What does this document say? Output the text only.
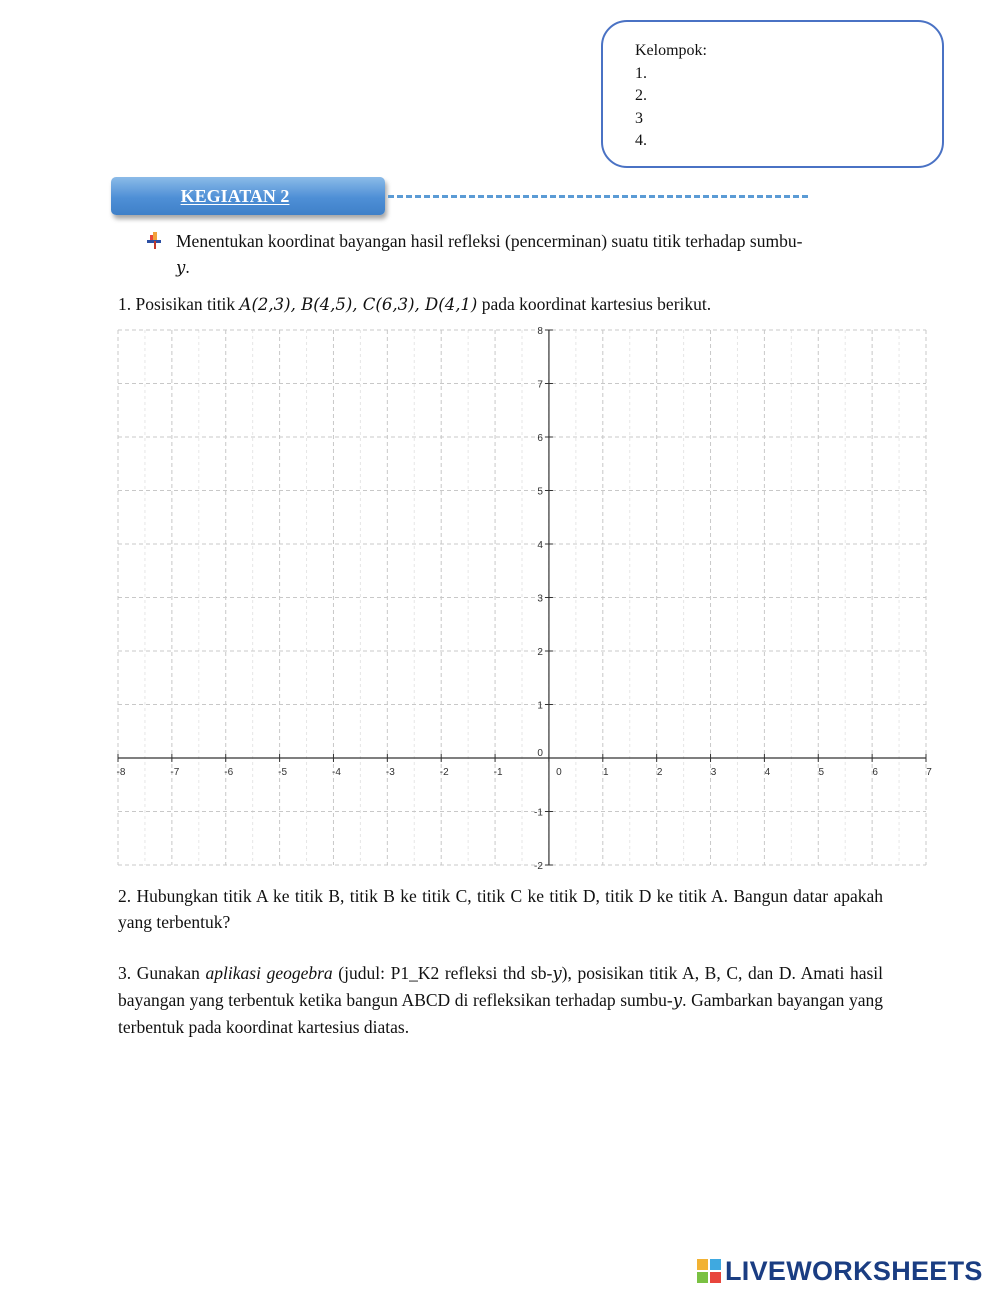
Kelompok:
1.
2.
3
4.
KEGIATAN 2
Menentukan koordinat bayangan hasil refleksi (pencerminan) suatu titik terhadap sumbu-
y.
1. Posisikan titik A(2,3), B(4,5), C(6,3), D(4,1) pada koordinat kartesius berikut.
-8	-7	-6	-5	-4	-3	-2	-1	0	1	2	3	4	5	6	7
-2
-1
0
1
2
3
4
5
6
7
8
2. Hubungkan titik A ke titik B, titik B ke titik C, titik C ke titik D, titik D ke titik A. Bangun datar apakah yang terbentuk?
3. Gunakan aplikasi geogebra (judul: P1_K2 refleksi thd sb-y), posisikan titik A, B, C, dan D. Amati hasil bayangan yang terbentuk ketika bangun ABCD di refleksikan terhadap sumbu-y. Gambarkan bayangan yang terbentuk pada koordinat kartesius diatas.
LIVEWORKSHEETS
